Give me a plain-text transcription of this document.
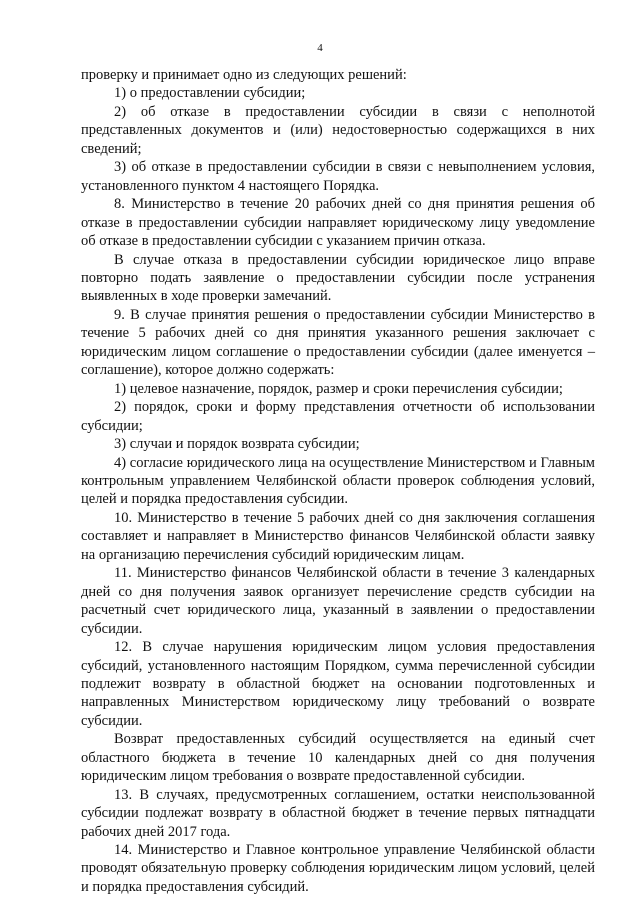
4

проверку и принимает одно из следующих решений:

1) о предоставлении субсидии;

2) об отказе в предоставлении субсидии в связи с неполнотой представленных документов и (или) недостоверностью содержащихся в них сведений;

3) об отказе в предоставлении субсидии в связи с невыполнением условия, установленного пунктом 4 настоящего Порядка.

8. Министерство в течение 20 рабочих дней со дня принятия решения об отказе в предоставлении субсидии направляет юридическому лицу уведомление об отказе в предоставлении субсидии с указанием причин отказа.

В случае отказа в предоставлении субсидии юридическое лицо вправе повторно подать заявление о предоставлении субсидии после устранения выявленных в ходе проверки замечаний.

9. В случае принятия решения о предоставлении субсидии Министерство в течение 5 рабочих дней со дня принятия указанного решения заключает с юридическим лицом соглашение о предоставлении субсидии (далее именуется – соглашение), которое должно содержать:

1) целевое назначение, порядок, размер и сроки перечисления субсидии;

2) порядок, сроки и форму представления отчетности об использовании субсидии;

3) случаи и порядок возврата субсидии;

4) согласие юридического лица на осуществление Министерством и Главным контрольным управлением Челябинской области проверок соблюдения условий, целей и порядка предоставления субсидии.

10. Министерство в течение 5 рабочих дней со дня заключения соглашения составляет и направляет в Министерство финансов Челябинской области заявку на организацию перечисления субсидий юридическим лицам.

11. Министерство финансов Челябинской области в течение 3 календарных дней со дня получения заявок организует перечисление средств субсидии на расчетный счет юридического лица, указанный в заявлении о предоставлении субсидии.

12. В случае нарушения юридическим лицом условия предоставления субсидий, установленного настоящим Порядком, сумма перечисленной субсидии подлежит возврату в областной бюджет на основании подготовленных и направленных Министерством юридическому лицу требований о возврате субсидии.

Возврат предоставленных субсидий осуществляется на единый счет областного бюджета в течение 10 календарных дней со дня получения юридическим лицом требования о возврате предоставленной субсидии.

13. В случаях, предусмотренных соглашением, остатки неиспользованной субсидии подлежат возврату в областной бюджет в течение первых пятнадцати рабочих дней 2017 года.

14. Министерство и Главное контрольное управление Челябинской области проводят обязательную проверку соблюдения юридическим лицом условий, целей и порядка предоставления субсидий.
